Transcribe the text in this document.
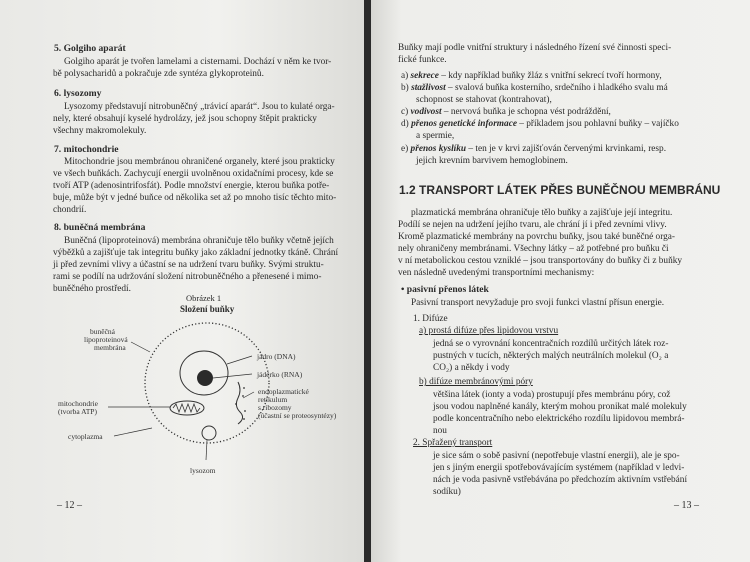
5. Golgiho aparát
Golgiho aparát je tvořen lamelami a cisternami. Dochází v něm ke tvor-
bě polysacharidů a pokračuje zde syntéza glykoproteinů.
6. lysozomy
Lysozomy představují nitrobuněčný „trávicí aparát“. Jsou to kulaté orga-
nely, které obsahují kyselé hydrolázy, jež jsou schopny štěpit prakticky
všechny makromolekuly.
7. mitochondrie
Mitochondrie jsou membránou ohraničené organely, které jsou prakticky
ve všech buňkách. Zachycují energii uvolněnou oxidačními procesy, kde se
tvoří ATP (adenosintrifosfát). Podle množství energie, kterou buňka potře-
buje, může být v jedné buňce od několika set až po mnoho tisíc těchto mito-
chondrií.
8. buněčná membrána
Buněčná (lipoproteinová) membrána ohraničuje tělo buňky včetně jejích
výběžků a zajišťuje tak integritu buňky jako základní jednotky tkáně. Chrání
ji před zevními vlivy a účastní se na udržení tvaru buňky. Svými struktu-
rami se podílí na udržování složení nitrobuněčného a přenesené i mimo-
buněčného prostředí.
Obrázek 1
Složení buňky
buněčná
lipoproteinová
membrána
jádro (DNA)
jádérko (RNA)
endoplazmatické
retikulum
s ribozomy
(účastní se proteosyntézy)
mitochondrie
(tvorba ATP)
cytoplazma
lysozom
– 12 –
Buňky mají podle vnitřní struktury i následného řízení své činnosti speci-
fické funkce.
a) sekrece – kdy například buňky žláz s vnitřní sekrecí tvoří hormony,
b) stažlivost – svalová buňka kosterního, srdečního i hladkého svalu má
schopnost se stahovat (kontrahovat),
c) vodivost – nervová buňka je schopna vést podráždění,
d) přenos genetické informace – příkladem jsou pohlavní buňky – vajíčko
a spermie,
e) přenos kyslíku – ten je v krvi zajišťován červenými krvinkami, resp.
jejich krevním barvivem hemoglobinem.
1.2 TRANSPORT LÁTEK PŘES BUNĚČNOU MEMBRÁNU
plazmatická membrána ohraničuje tělo buňky a zajišťuje její integritu.
Podílí se nejen na udržení jejího tvaru, ale chrání jí i před zevními vlivy.
Kromě plazmatické membrány na povrchu buňky, jsou také buněčné orga-
nely ohraničeny membránami. Všechny látky – až potřebné pro buňku či
v ní metabolickou cestou vzniklé – jsou transportovány do buňky či z buňky
ven následně uvedenými transportními mechanismy:
• pasivní přenos látek
Pasivní transport nevyžaduje pro svoji funkci vlastní přísun energie.
1. Difúze
a) prostá difúze přes lipidovou vrstvu
jedná se o vyrovnání koncentračních rozdílů určitých látek roz-
pustných v tucích, některých malých neutrálních molekul (O₂ a
CO₂) a někdy i vody
b) difúze membránovými póry
většina látek (ionty a voda) prostupují přes membránu póry, což
jsou vodou naplněné kanály, kterým mohou pronikat malé molekuly
podle koncentračního nebo elektrického rozdílu lipidovou membrá-
nou
2. Spřažený transport
je sice sám o sobě pasivní (nepotřebuje vlastní energii), ale je spo-
jen s jiným energii spotřebovávajícím systémem (například v ledvi-
nách je voda pasivně vstřebávána po předchozím aktivním vstřebání
sodíku)
– 13 –
